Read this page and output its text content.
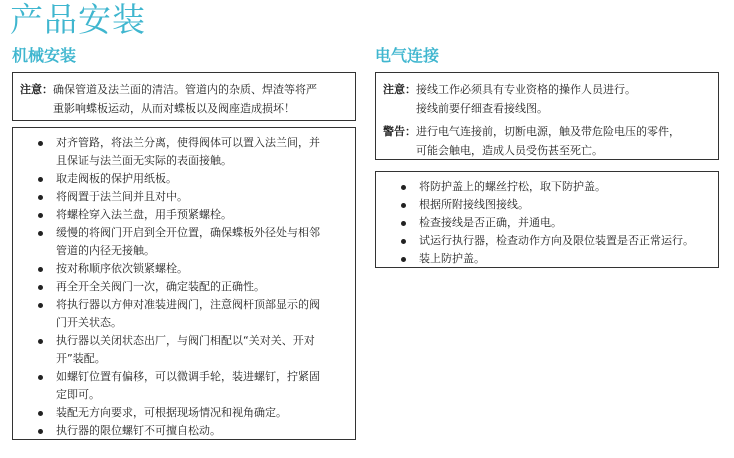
产品安装
机械安装	电气连接
注意： 确保管道及法兰面的清洁。管道内的杂质、焊渣等将严
重影响蝶板运动，从而对蝶板以及阀座造成损坏！
对齐管路，将法兰分离，使得阀体可以置入法兰间，并
且保证与法兰面无实际的表面接触。
取走阀板的保护用纸板。
将阀置于法兰间并且对中。
将螺栓穿入法兰盘，用手预紧螺栓。
缓慢的将阀门开启到全开位置，确保蝶板外径处与相邻
管道的内径无接触。
按对称顺序依次锁紧螺栓。
再全开全关阀门一次，确定装配的正确性。
将执行器以方伸对准装进阀门，注意阀杆顶部显示的阀
门开关状态。
执行器以关闭状态出厂，与阀门相配以“关对关、开对
开”装配。
如螺钉位置有偏移，可以微调手轮，装进螺钉，拧紧固
定即可。
装配无方向要求，可根据现场情况和视角确定。
执行器的限位螺钉不可擅自松动。
注意： 接线工作必须具有专业资格的操作人员进行。
接线前要仔细查看接线图。
警告： 进行电气连接前，切断电源，触及带危险电压的零件，
可能会触电，造成人员受伤甚至死亡。
将防护盖上的螺丝拧松，取下防护盖。
根据所附接线图接线。
检查接线是否正确，并通电。
试运行执行器，检查动作方向及限位装置是否正常运行。
装上防护盖。
